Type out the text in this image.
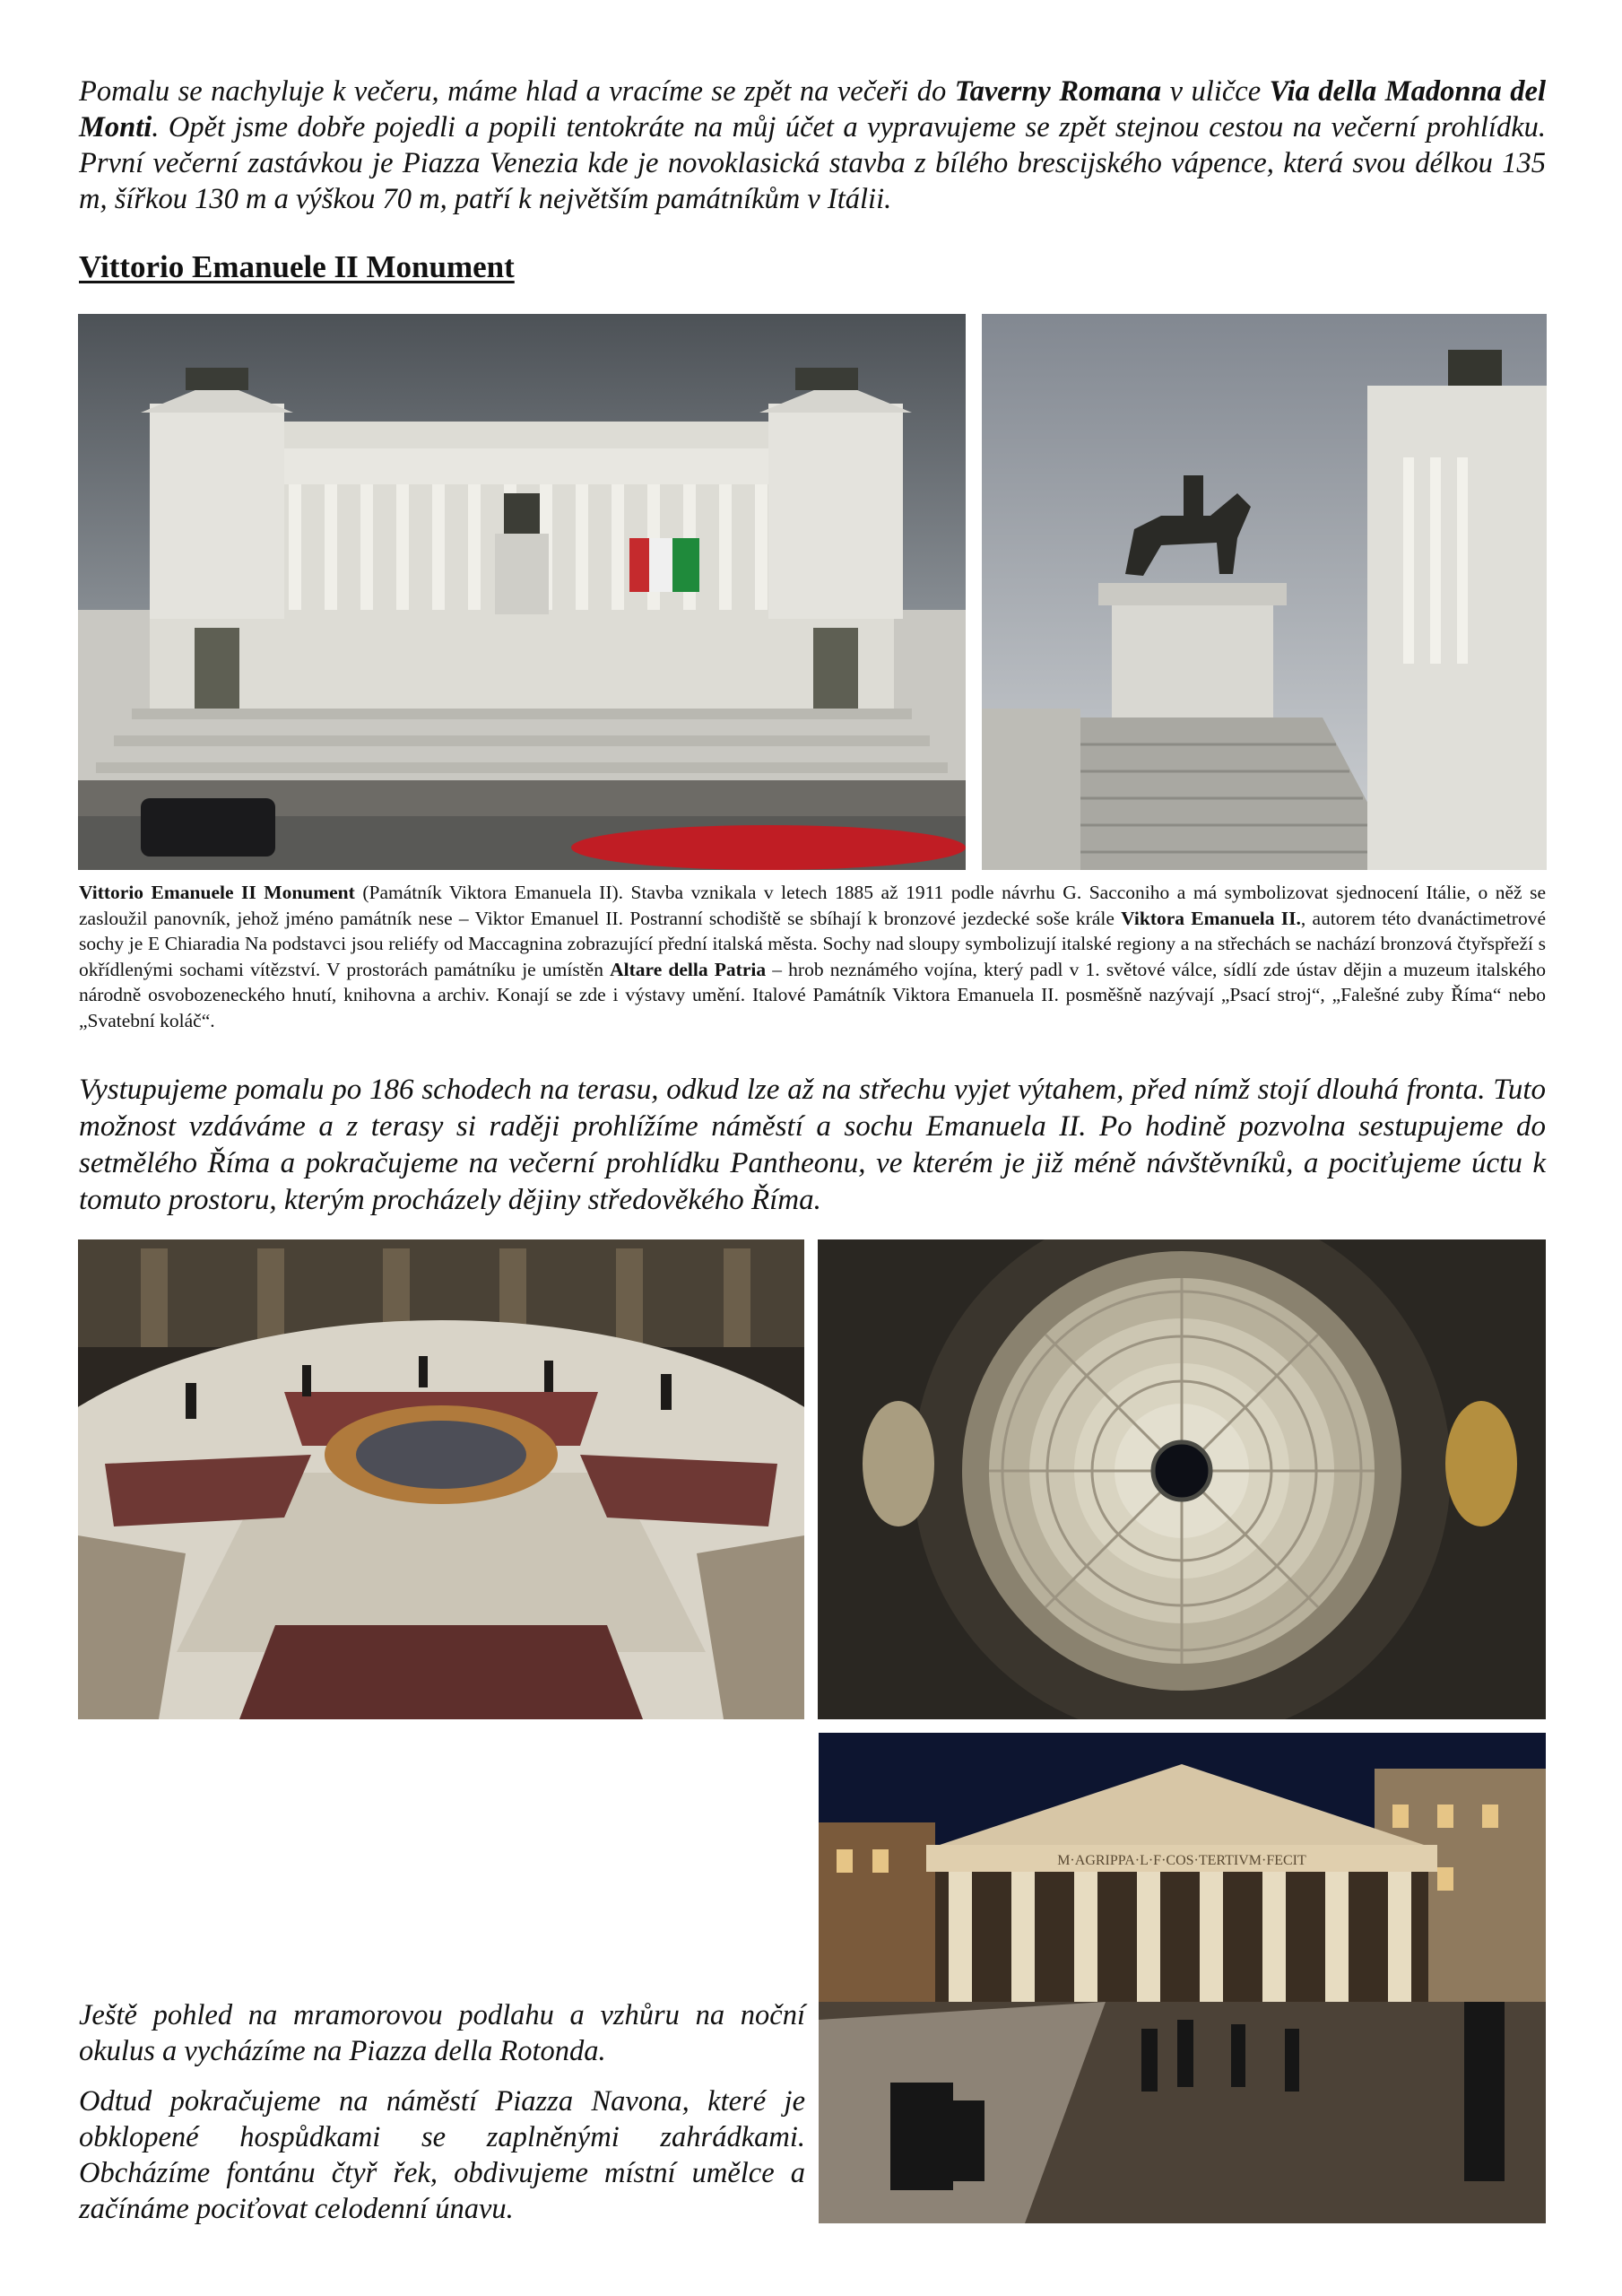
Pomalu se nachyluje k večeru, máme hlad a vracíme se zpět na večeři do Taverny Romana v uličce Via della Madonna del Monti. Opět jsme dobře pojedli a popili tentokráte na můj účet a vypravujeme se zpět stejnou cestou na večerní prohlídku. První večerní zastávkou je Piazza Venezia kde je novoklasická stavba z bílého brescijského vápence, která svou délkou 135 m, šířkou 130 m a výškou 70 m, patří k největším památníkům v Itálii.

Vittorio Emanuele II Monument

Vittorio Emanuele II Monument (Památník Viktora Emanuela II). Stavba vznikala v letech 1885 až 1911 podle návrhu G. Sacconiho a má symbolizovat sjednocení Itálie, o něž se zasloužil panovník, jehož jméno památník nese – Viktor Emanuel II. Postranní schodiště se sbíhají k bronzové jezdecké soše krále Viktora Emanuela II., autorem této dvanáctimetrové sochy je E Chiaradia Na podstavci jsou reliéfy od Maccagnina zobrazující přední italská města. Sochy nad sloupy symbolizují italské regiony a na střechách se nachází bronzová čtyřspřeží s okřídlenými sochami vítězství. V prostorách památníku je umístěn Altare della Patria – hrob neznámého vojína, který padl v 1. světové válce, sídlí zde ústav dějin a muzeum italského národně osvobozeneckého hnutí, knihovna a archiv. Konají se zde i výstavy umění. Italové Památník Viktora Emanuela II. posměšně nazývají „Psací stroj“, „Falešné zuby Říma“ nebo „Svatební koláč“.

Vystupujeme pomalu po 186 schodech na terasu, odkud lze až na střechu vyjet výtahem, před nímž stojí dlouhá fronta. Tuto možnost vzdáváme a z terasy si raději prohlížíme náměstí a sochu Emanuela II. Po hodině pozvolna sestupujeme do setmělého Říma a pokračujeme na večerní prohlídku Pantheonu, ve kterém je již méně návštěvníků, a pociťujeme úctu k tomuto prostoru, kterým procházely dějiny středověkého Říma.

M·AGRIPPA·L·F·COS·TERTIVM·FECIT

Ještě pohled na mramorovou podlahu a vzhůru na noční okulus a vycházíme na Piazza della Rotonda.

Odtud pokračujeme na náměstí Piazza Navona, které je obklopené hospůdkami se zaplněnými zahrádkami. Obcházíme fontánu čtyř řek, obdivujeme místní umělce a začínáme pociťovat celodenní únavu.
